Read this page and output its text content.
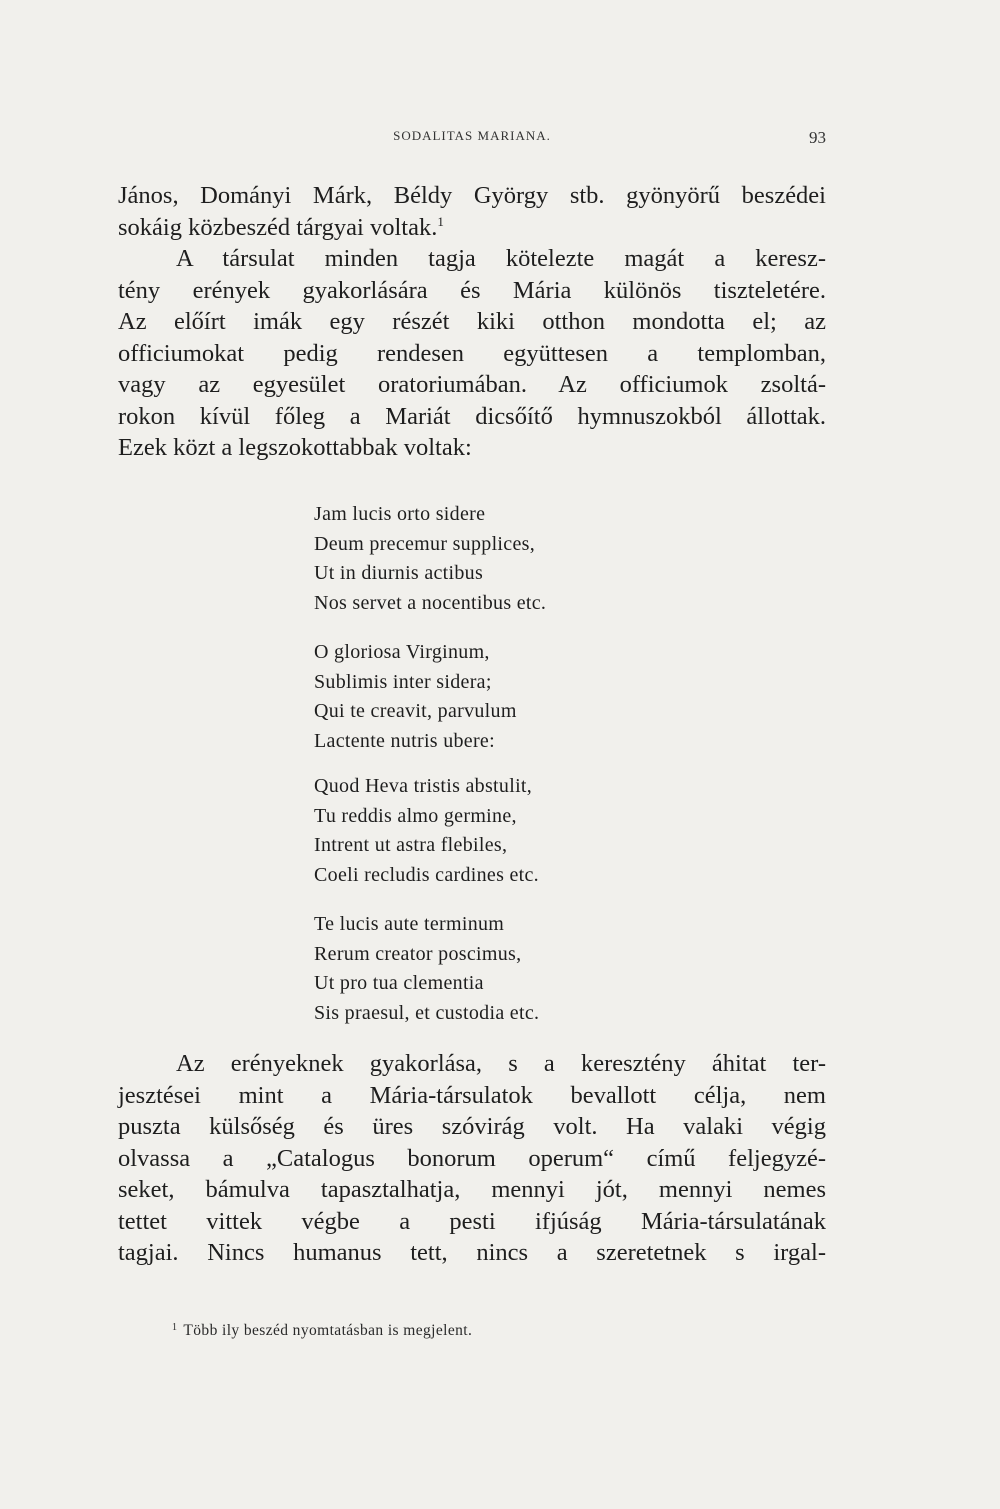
SODALITAS MARIANA.	93

János, Dományi Márk, Béldy György stb. gyönyörű beszédei
sokáig közbeszéd tárgyai voltak.$^1$

A társulat minden tagja kötelezte magát a keresz-
tény erények gyakorlására és Mária különös tiszteletére.
Az előírt imák egy részét kiki otthon mondotta el; az
officiumokat pedig rendesen együttesen a templomban,
vagy az egyesület oratoriumában. Az officiumok zsoltá-
rokon kívül főleg a Mariát dicsőítő hymnuszokból állottak.
Ezek közt a legszokottabbak voltak:

Jam lucis orto sidere
Deum precemur supplices,
Ut in diurnis actibus
Nos servet a nocentibus etc.
O gloriosa Virginum,
Sublimis inter sidera;
Qui te creavit, parvulum
Lactente nutris ubere:
Quod Heva tristis abstulit,
Tu reddis almo germine,
Intrent ut astra flebiles,
Coeli recludis cardines etc.
Te lucis aute terminum
Rerum creator poscimus,
Ut pro tua clementia
Sis praesul, et custodia etc.

Az erényeknek gyakorlása, s a keresztény áhitat ter-
jesztései mint a Mária-társulatok bevallott célja, nem
puszta külsőség és üres szóvirág volt. Ha valaki végig
olvassa a „Catalogus bonorum operum“ című feljegyzé-
seket, bámulva tapasztalhatja, mennyi jót, mennyi nemes
tettet vittek végbe a pesti ifjúság Mária-társulatának
tagjai. Nincs humanus tett, nincs a szeretetnek s irgal-

$^1$ Több ily beszéd nyomtatásban is megjelent.
